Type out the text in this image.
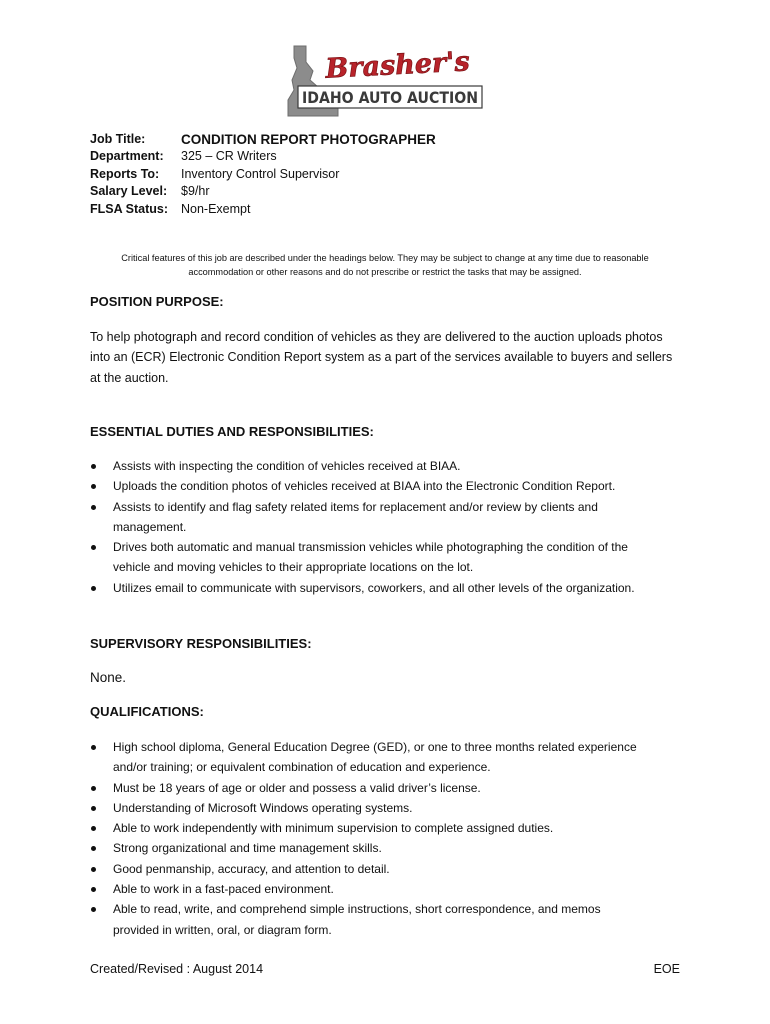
Brasher's
IDAHO AUTO AUCTION
Job Title:	CONDITION REPORT PHOTOGRAPHER
Department:	325 – CR Writers
Reports To:	Inventory Control Supervisor
Salary Level:	$9/hr
FLSA Status:	Non-Exempt
Critical features of this job are described under the headings below. They may be subject to change at any time due to reasonable
accommodation or other reasons and do not prescribe or restrict the tasks that may be assigned.
POSITION PURPOSE:
To help photograph and record condition of vehicles as they are delivered to the auction uploads photos
into an (ECR) Electronic Condition Report system as a part of the services available to buyers and sellers
at the auction.
ESSENTIAL DUTIES AND RESPONSIBILITIES:
Assists with inspecting the condition of vehicles received at BIAA.
Uploads the condition photos of vehicles received at BIAA into the Electronic Condition Report.
Assists to identify and flag safety related items for replacement and/or review by clients and
management.
Drives both automatic and manual transmission vehicles while photographing the condition of the
vehicle and moving vehicles to their appropriate locations on the lot.
Utilizes email to communicate with supervisors, coworkers, and all other levels of the organization.
SUPERVISORY RESPONSIBILITIES:
None.
QUALIFICATIONS:
High school diploma, General Education Degree (GED), or one to three months related experience
and/or training; or equivalent combination of education and experience.
Must be 18 years of age or older and possess a valid driver’s license.
Understanding of Microsoft Windows operating systems.
Able to work independently with minimum supervision to complete assigned duties.
Strong organizational and time management skills.
Good penmanship, accuracy, and attention to detail.
Able to work in a fast-paced environment.
Able to read, write, and comprehend simple instructions, short correspondence, and memos
provided in written, oral, or diagram form.
Created/Revised : August 2014	EOE
